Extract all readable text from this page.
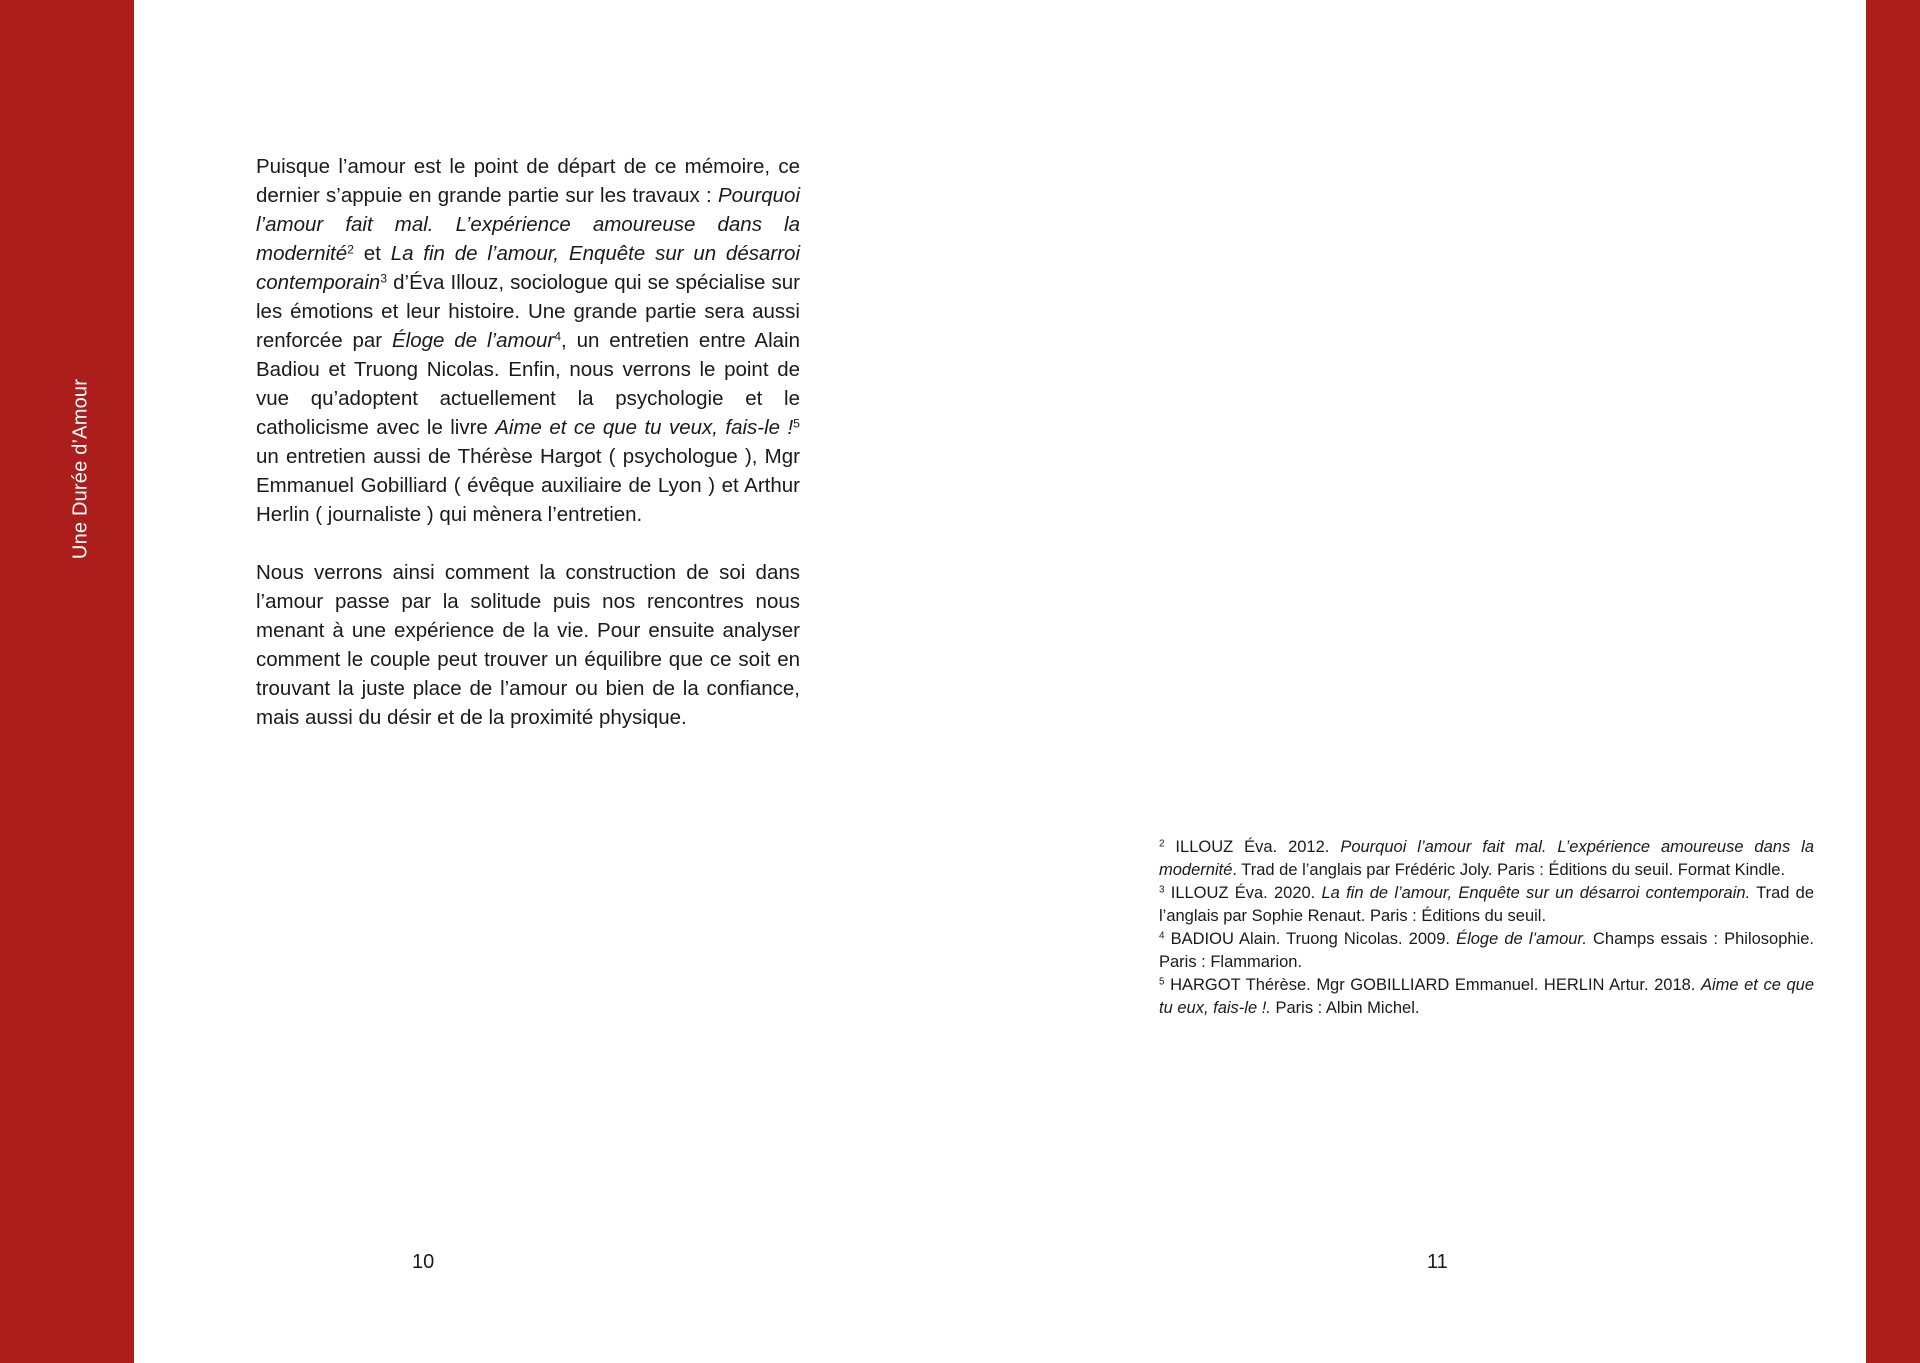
Une Durée d’Amour

Puisque l’amour est le point de départ de ce mémoire, ce dernier s’appuie en grande partie sur les travaux : Pourquoi l’amour fait mal. L’expérience amoureuse dans la modernité$^2$ et La fin de l’amour, Enquête sur un désarroi contemporain$^3$ d’Éva Illouz, sociologue qui se spécialise sur les émotions et leur histoire. Une grande partie sera aussi renforcée par Éloge de l’amour$^4$, un entretien entre Alain Badiou et Truong Nicolas. Enfin, nous verrons le point de vue qu’adoptent actuellement la psychologie et le catholicisme avec le livre Aime et ce que tu veux, fais-le !$^5$ un entretien aussi de Thérèse Hargot ( psychologue ), Mgr Emmanuel Gobilliard ( évêque auxiliaire de Lyon ) et Arthur Herlin ( journaliste ) qui mènera l’entretien.

Nous verrons ainsi comment la construction de soi dans l’amour passe par la solitude puis nos rencontres nous menant à une expérience de la vie. Pour ensuite analyser comment le couple peut trouver un équilibre que ce soit en trouvant la juste place de l’amour ou bien de la confiance, mais aussi du désir et de la proximité physique.

$^2$ ILLOUZ Éva. 2012. Pourquoi l’amour fait mal. L’expérience amoureuse dans la modernité. Trad de l’anglais par Frédéric Joly. Paris : Éditions du seuil. Format Kindle.

$^3$ ILLOUZ Éva. 2020. La fin de l’amour, Enquête sur un désarroi contemporain. Trad de l’anglais par Sophie Renaut. Paris : Éditions du seuil.

$^4$ BADIOU Alain. Truong Nicolas. 2009. Éloge de l’amour. Champs essais : Philosophie. Paris : Flammarion.

$^5$ HARGOT Thérèse. Mgr GOBILLIARD Emmanuel. HERLIN Artur. 2018. Aime et ce que tu eux, fais-le !. Paris : Albin Michel.

10	11
